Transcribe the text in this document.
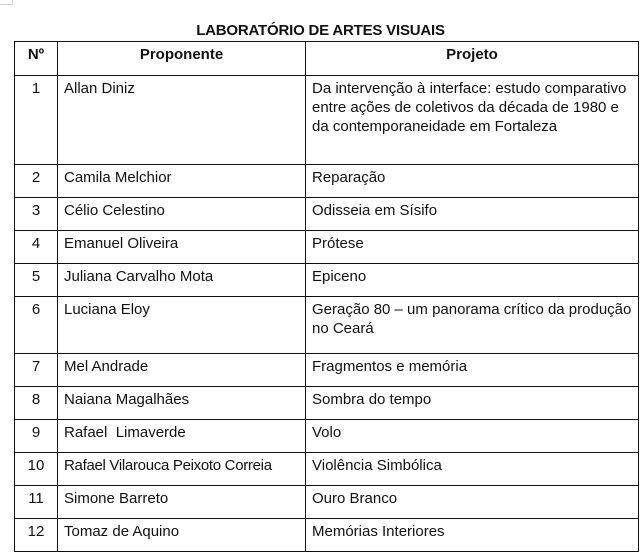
LABORATÓRIO DE ARTES VISUAIS
Nº	Proponente	Projeto
1	Allan Diniz	Da intervenção à interface: estudo comparativo entre ações de coletivos da década de 1980 e da contemporaneidade em Fortaleza
2	Camila Melchior	Reparação
3	Célio Celestino	Odisseia em Sísifo
4	Emanuel Oliveira	Prótese
5	Juliana Carvalho Mota	Epiceno
6	Luciana Eloy	Geração 80 – um panorama crítico da produção no Ceará
7	Mel Andrade	Fragmentos e memória
8	Naiana Magalhães	Sombra do tempo
9	Rafael  Limaverde	Volo
10	Rafael Vilarouca Peixoto Correia	Violência Simbólica
11	Simone Barreto	Ouro Branco
12	Tomaz de Aquino	Memórias Interiores
